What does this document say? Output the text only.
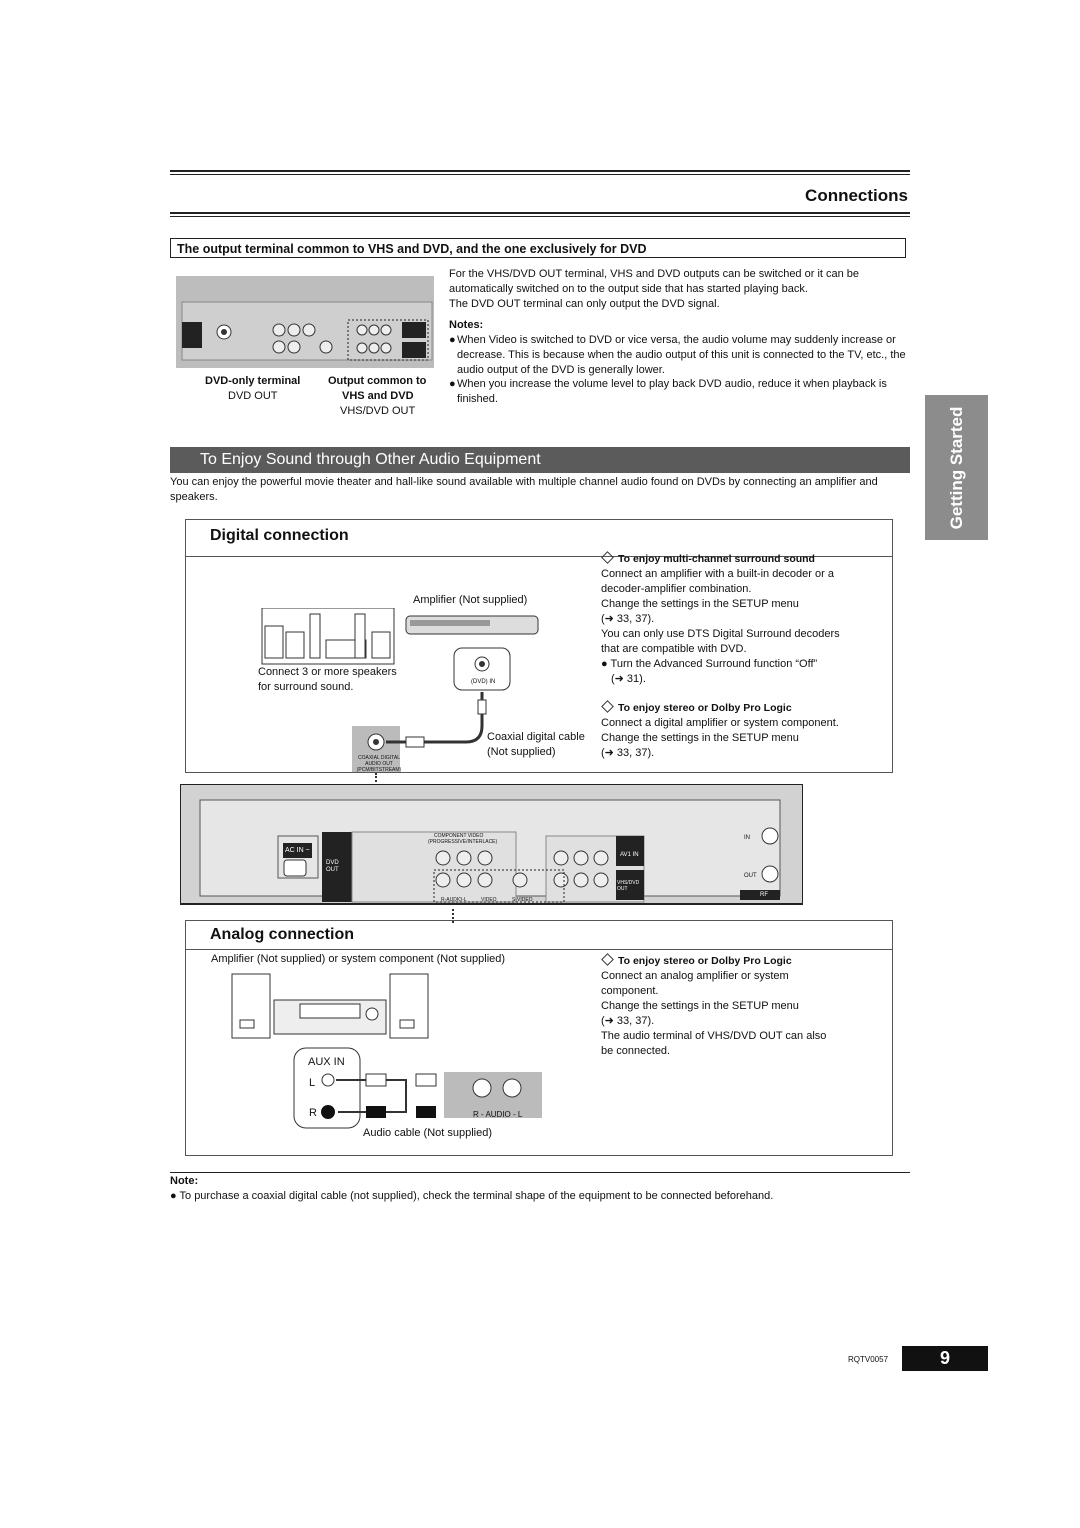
Connections
The output terminal common to VHS and DVD, and the one exclusively for DVD
DVD-only terminal
DVD OUT
Output common to
VHS and DVD
VHS/DVD OUT
For the VHS/DVD OUT terminal, VHS and DVD outputs can be switched or it can be automatically switched on to the output side that has started playing back.
The DVD OUT terminal can only output the DVD signal.
Notes:
● When Video is switched to DVD or vice versa, the audio volume may suddenly increase or decrease. This is because when the audio output of this unit is connected to the TV, etc., the audio output of the DVD is generally lower.
● When you increase the volume level to play back DVD audio, reduce it when playback is finished.
To Enjoy Sound through Other Audio Equipment
You can enjoy the powerful movie theater and hall-like sound available with multiple channel audio found on DVDs by connecting an amplifier and speakers.	Getting Started
Digital connection
Amplifier (Not supplied)
Connect 3 or more speakers
for surround sound.	(DVD) IN
Coaxial digital cable
(Not supplied)
COAXIAL DIGITAL
AUDIO OUT
(PCM/BITSTREAM)
To enjoy multi-channel surround sound
Connect an amplifier with a built-in decoder or a
decoder-amplifier combination.
Change the settings in the SETUP menu
(➜ 33, 37).
You can only use DTS Digital Surround decoders
that are compatible with DVD.
● Turn the Advanced Surround function “Off”
(➜ 31).
To enjoy stereo or Dolby Pro Logic
Connect a digital amplifier or system component.
Change the settings in the SETUP menu
(➜ 33, 37).
AC IN ~
DVD OUT
COMPONENT VIDEO
(PROGRESSIVE/INTERLACE)
R-AUDIO-L	VIDEO	S-VIDEO
AV1 IN
VHS/DVD OUT
IN
OUT
RF
Analog connection
Amplifier (Not supplied) or system component (Not supplied)
AUX IN
L
R	R - AUDIO - L
Audio cable (Not supplied)
To enjoy stereo or Dolby Pro Logic
Connect an analog amplifier or system
component.
Change the settings in the SETUP menu
(➜ 33, 37).
The audio terminal of VHS/DVD OUT can also
be connected.
Note:
● To purchase a coaxial digital cable (not supplied), check the terminal shape of the equipment to be connected beforehand.
RQTV0057	9
